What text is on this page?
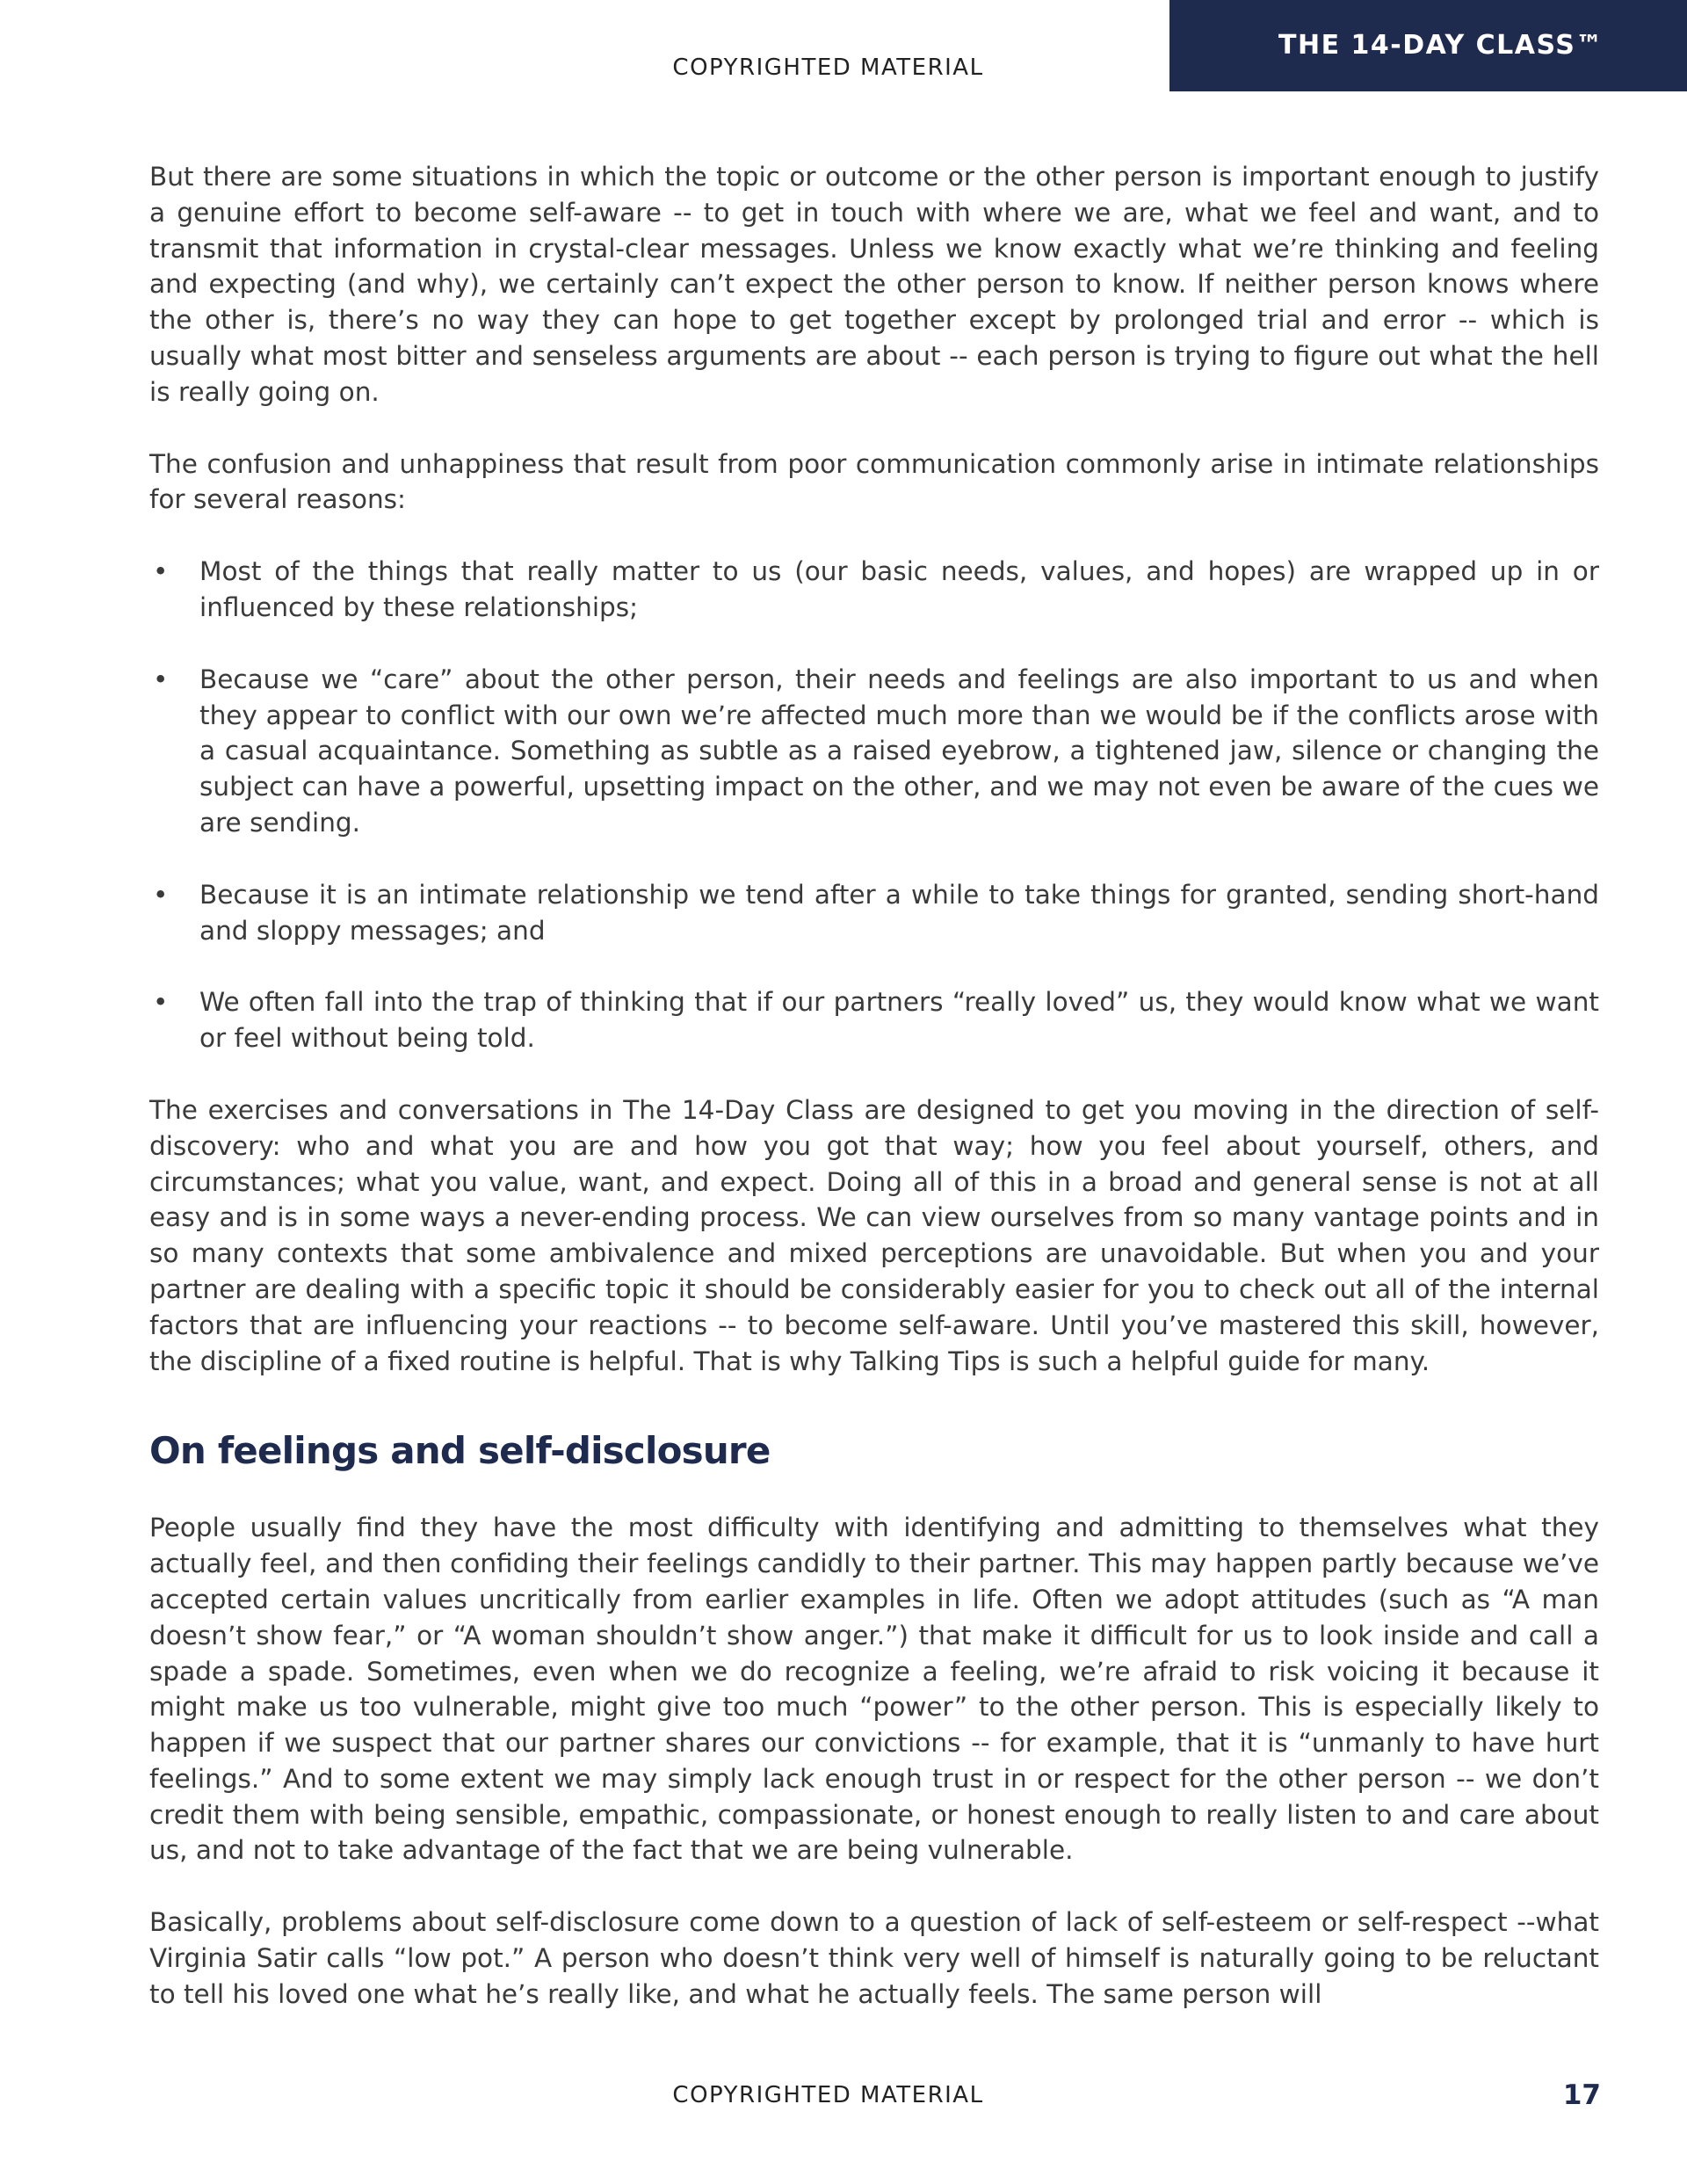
THE 14-DAY CLASS™
COPYRIGHTED MATERIAL

But there are some situations in which the topic or outcome or the other person is important enough to justify a genuine effort to become self-aware -- to get in touch with where we are, what we feel and want, and to transmit that information in crystal-clear messages. Unless we know exactly what we’re thinking and feeling and expecting (and why), we certainly can’t expect the other person to know. If neither person knows where the other is, there’s no way they can hope to get together except by prolonged trial and error -- which is usually what most bitter and senseless arguments are about -- each person is trying to figure out what the hell is really going on.

The confusion and unhappiness that result from poor communication commonly arise in intimate relationships for several reasons:

• Most of the things that really matter to us (our basic needs, values, and hopes) are wrapped up in or influenced by these relationships;
• Because we “care” about the other person, their needs and feelings are also important to us and when they appear to conflict with our own we’re affected much more than we would be if the conflicts arose with a casual acquaintance. Something as subtle as a raised eyebrow, a tightened jaw, silence or changing the subject can have a powerful, upsetting impact on the other, and we may not even be aware of the cues we are sending.
• Because it is an intimate relationship we tend after a while to take things for granted, sending short-hand and sloppy messages; and
• We often fall into the trap of thinking that if our partners “really loved” us, they would know what we want or feel without being told.

The exercises and conversations in The 14-Day Class are designed to get you moving in the direction of self-discovery: who and what you are and how you got that way; how you feel about yourself, others, and circumstances; what you value, want, and expect. Doing all of this in a broad and general sense is not at all easy and is in some ways a never-ending process. We can view ourselves from so many vantage points and in so many contexts that some ambivalence and mixed perceptions are unavoidable. But when you and your partner are dealing with a specific topic it should be considerably easier for you to check out all of the internal factors that are influencing your reactions -- to become self-aware. Until you’ve mastered this skill, however, the discipline of a fixed routine is helpful. That is why Talking Tips is such a helpful guide for many.

On feelings and self-disclosure

People usually find they have the most difficulty with identifying and admitting to themselves what they actually feel, and then confiding their feelings candidly to their partner. This may happen partly because we’ve accepted certain values uncritically from earlier examples in life. Often we adopt attitudes (such as “A man doesn’t show fear,” or “A woman shouldn’t show anger.”) that make it difficult for us to look inside and call a spade a spade. Sometimes, even when we do recognize a feeling, we’re afraid to risk voicing it because it might make us too vulnerable, might give too much “power” to the other person. This is especially likely to happen if we suspect that our partner shares our convictions -- for example, that it is “unmanly to have hurt feelings.” And to some extent we may simply lack enough trust in or respect for the other person -- we don’t credit them with being sensible, empathic, compassionate, or honest enough to really listen to and care about us, and not to take advantage of the fact that we are being vulnerable.

Basically, problems about self-disclosure come down to a question of lack of self-esteem or self-respect --what Virginia Satir calls “low pot.” A person who doesn’t think very well of himself is naturally going to be reluctant to tell his loved one what he’s really like, and what he actually feels. The same person will

COPYRIGHTED MATERIAL	17
